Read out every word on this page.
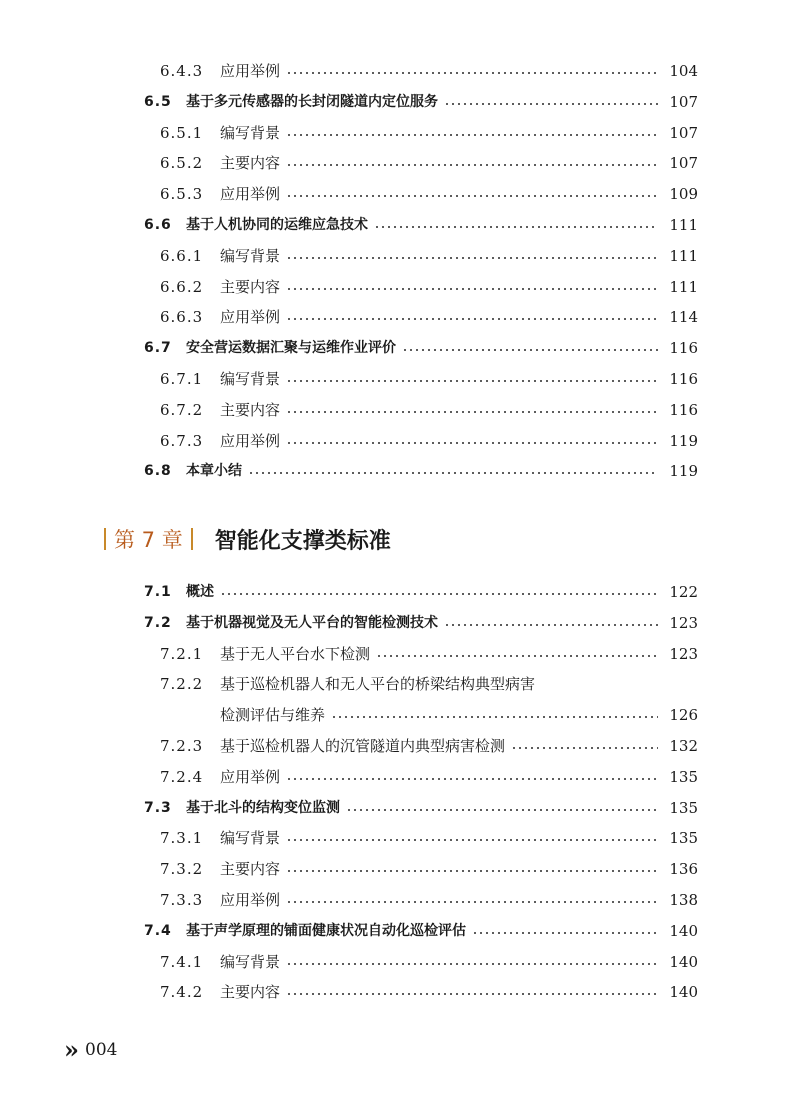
6.4.3	应用举例	104
6.5	基于多元传感器的长封闭隧道内定位服务	107
6.5.1	编写背景	107
6.5.2	主要内容	107
6.5.3	应用举例	109
6.6	基于人机协同的运维应急技术	111
6.6.1	编写背景	111
6.6.2	主要内容	111
6.6.3	应用举例	114
6.7	安全营运数据汇聚与运维作业评价	116
6.7.1	编写背景	116
6.7.2	主要内容	116
6.7.3	应用举例	119
6.8	本章小结	119
第 7 章	智能化支撑类标准
7.1	概述	122
7.2	基于机器视觉及无人平台的智能检测技术	123
7.2.1	基于无人平台水下检测	123
7.2.2	基于巡检机器人和无人平台的桥梁结构典型病害
检测评估与维养	126
7.2.3	基于巡检机器人的沉管隧道内典型病害检测	132
7.2.4	应用举例	135
7.3	基于北斗的结构变位监测	135
7.3.1	编写背景	135
7.3.2	主要内容	136
7.3.3	应用举例	138
7.4	基于声学原理的铺面健康状况自动化巡检评估	140
7.4.1	编写背景	140
7.4.2	主要内容	140
» 004
